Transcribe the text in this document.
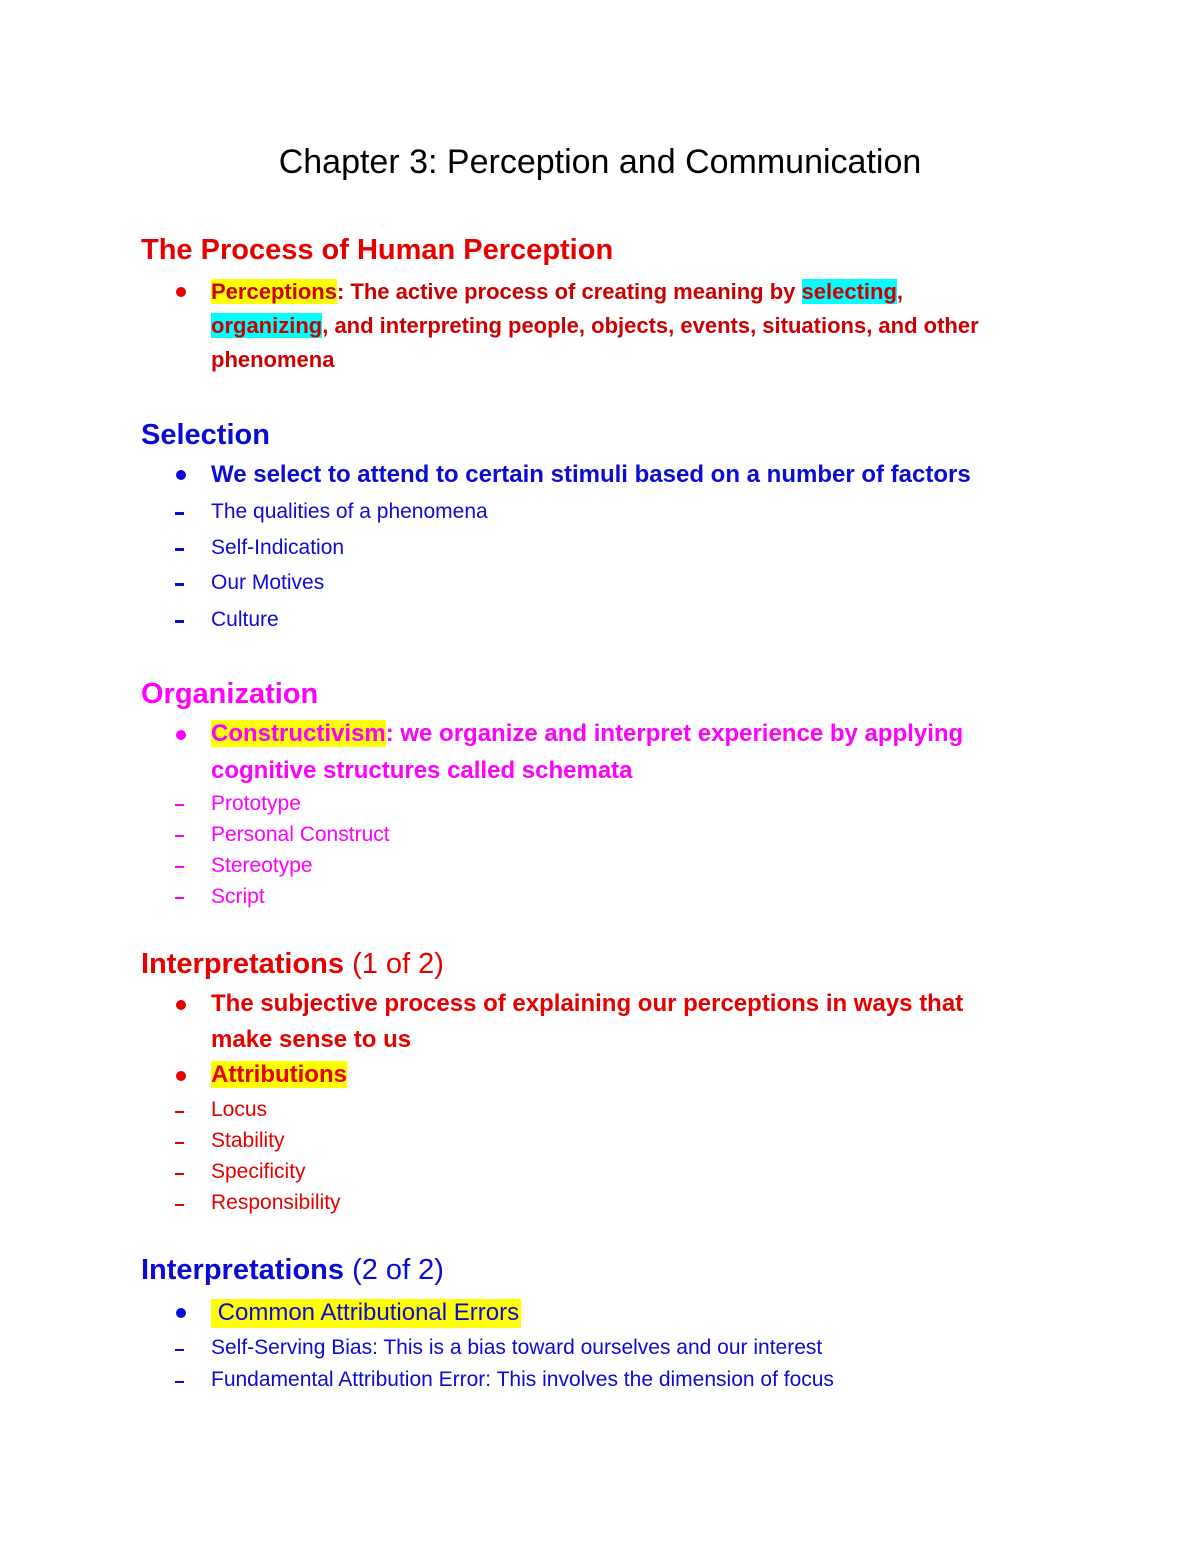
Chapter 3: Perception and Communication
The Process of Human Perception
Perceptions: The active process of creating meaning by selecting,
organizing, and interpreting people, objects, events, situations, and other
phenomena
Selection
We select to attend to certain stimuli based on a number of factors
The qualities of a phenomena
Self-Indication
Our Motives
Culture
Organization
Constructivism: we organize and interpret experience by applying
cognitive structures called schemata
Prototype
Personal Construct
Stereotype
Script
Interpretations (1 of 2)
The subjective process of explaining our perceptions in ways that
make sense to us
Attributions
Locus
Stability
Specificity
Responsibility
Interpretations (2 of 2)
Common Attributional Errors
Self-Serving Bias: This is a bias toward ourselves and our interest
Fundamental Attribution Error: This involves the dimension of focus
